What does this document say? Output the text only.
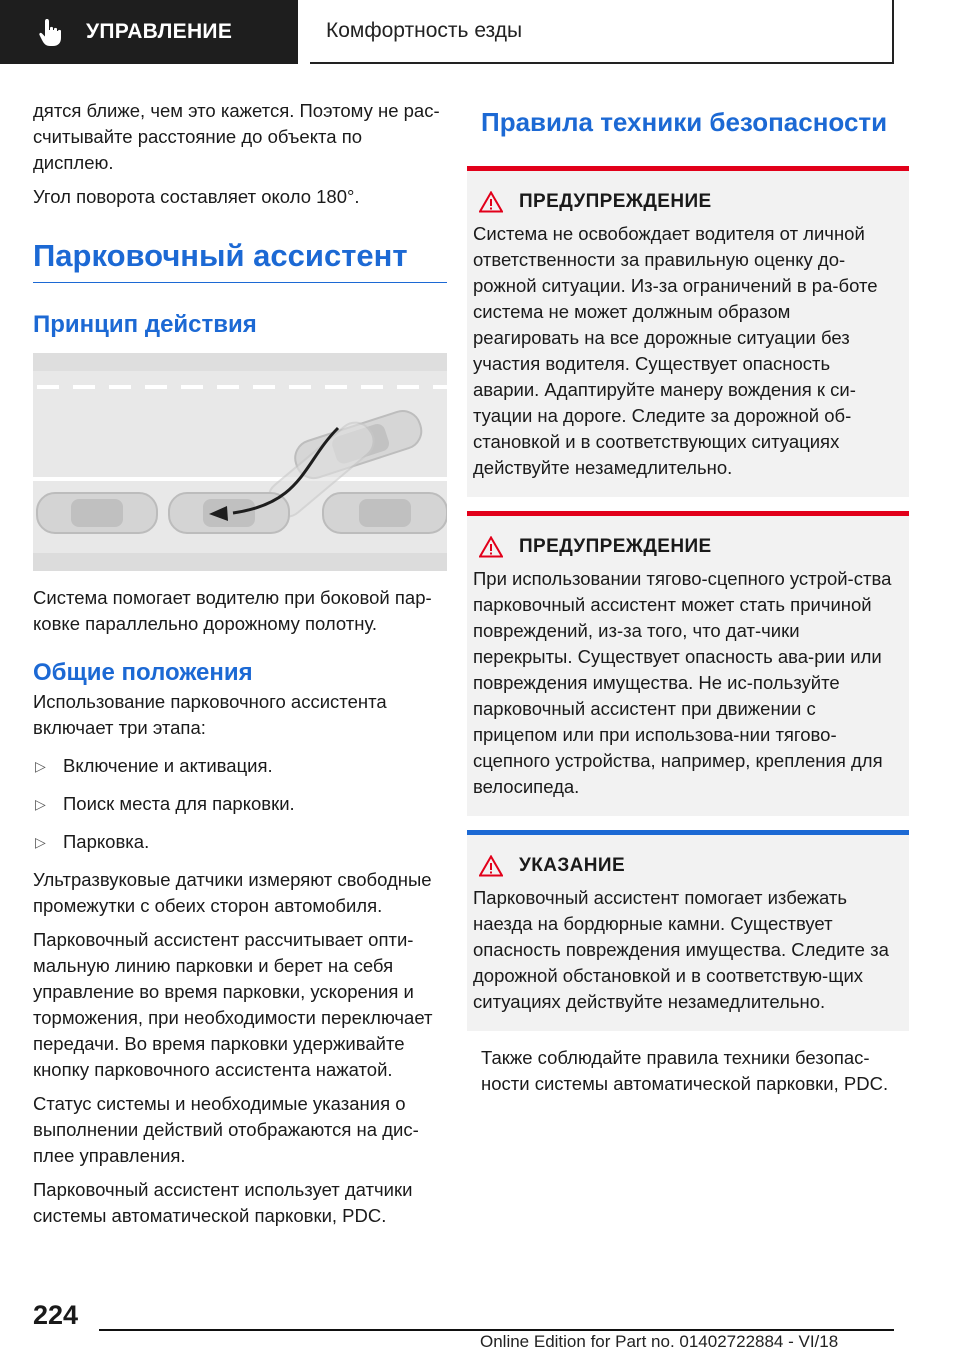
УПРАВЛЕНИЕ	Комфортность езды

дятся ближе, чем это кажется. Поэтому не рас-считывайте расстояние до объекта по дисплею.

Угол поворота составляет около 180°.

Парковочный ассистент
Принцип действия

Система помогает водителю при боковой пар-ковке параллельно дорожному полотну.

Общие положения

Использование парковочного ассистента включает три этапа:

▷ Включение и активация.
▷ Поиск места для парковки.
▷ Парковка.

Ультразвуковые датчики измеряют свободные промежутки с обеих сторон автомобиля.

Парковочный ассистент рассчитывает опти-мальную линию парковки и берет на себя управление во время парковки, ускорения и торможения, при необходимости переключает передачи. Во время парковки удерживайте кнопку парковочного ассистента нажатой.

Статус системы и необходимые указания о выполнении действий отображаются на дис-плее управления.

Парковочный ассистент использует датчики системы автоматической парковки, PDC.

Правила техники безопасности
ПРЕДУПРЕЖДЕНИЕ

Система не освобождает водителя от личной ответственности за правильную оценку до-рожной ситуации. Из-за ограничений в ра-боте система не может должным образом реагировать на все дорожные ситуации без участия водителя. Существует опасность аварии. Адаптируйте манеру вождения к си-туации на дороге. Следите за дорожной об-становкой и в соответствующих ситуациях действуйте незамедлительно.

ПРЕДУПРЕЖДЕНИЕ

При использовании тягово-сцепного устрой-ства парковочный ассистент может стать причиной повреждений, из-за того, что дат-чики перекрыты. Существует опасность ава-рии или повреждения имущества. Не ис-пользуйте парковочный ассистент при движении с прицепом или при использова-нии тягово-сцепного устройства, например, крепления для велосипеда.

УКАЗАНИЕ

Парковочный ассистент помогает избежать наезда на бордюрные камни. Существует опасность повреждения имущества. Следите за дорожной обстановкой и в соответствую-щих ситуациях действуйте незамедлительно.

Также соблюдайте правила техники безопас-ности системы автоматической парковки, PDC.

224
Online Edition for Part no. 01402722884 - VI/18
